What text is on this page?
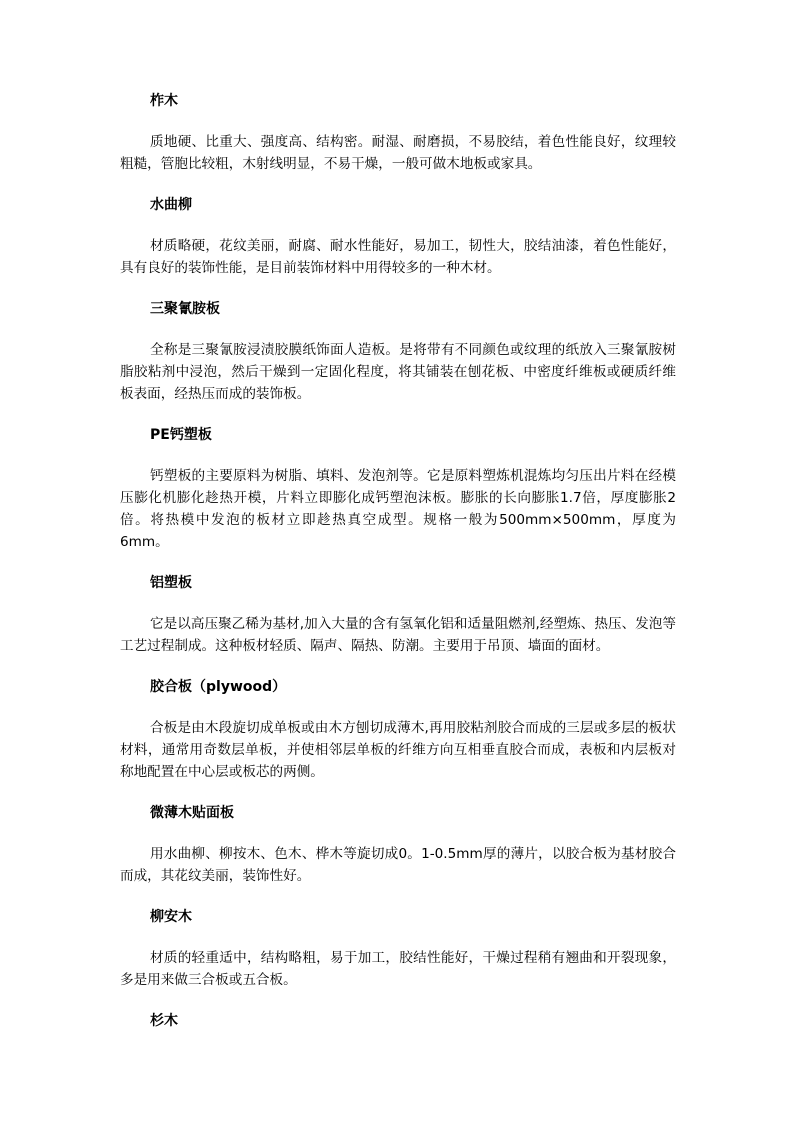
柞木

质地硬、比重大、强度高、结构密。耐湿、耐磨损，不易胶结，着色性能良好，纹理较粗糙，管胞比较粗，木射线明显，不易干燥，一般可做木地板或家具。

水曲柳

材质略硬，花纹美丽，耐腐、耐水性能好，易加工，韧性大，胶结油漆，着色性能好，具有良好的装饰性能，是目前装饰材料中用得较多的一种木材。

三聚氰胺板

全称是三聚氰胺浸渍胶膜纸饰面人造板。是将带有不同颜色或纹理的纸放入三聚氰胺树脂胶粘剂中浸泡，然后干燥到一定固化程度，将其铺装在刨花板、中密度纤维板或硬质纤维板表面，经热压而成的装饰板。

PE钙塑板

钙塑板的主要原料为树脂、填料、发泡剂等。它是原料塑炼机混炼均匀压出片料在经模压膨化机膨化趁热开模，片料立即膨化成钙塑泡沫板。膨胀的长向膨胀1.7倍，厚度膨胀2倍。将热模中发泡的板材立即趁热真空成型。规格一般为500mm×500mm，厚度为6mm。

铝塑板

它是以高压聚乙稀为基材,加入大量的含有氢氧化铝和适量阻燃剂,经塑炼、热压、发泡等工艺过程制成。这种板材轻质、隔声、隔热、防潮。主要用于吊顶、墙面的面材。

胶合板（plywood）

合板是由木段旋切成单板或由木方刨切成薄木,再用胶粘剂胶合而成的三层或多层的板状材料，通常用奇数层单板，并使相邻层单板的纤维方向互相垂直胶合而成，表板和内层板对称地配置在中心层或板芯的两侧。

微薄木贴面板

用水曲柳、柳按木、色木、桦木等旋切成0。1-0.5mm厚的薄片，以胶合板为基材胶合而成，其花纹美丽，装饰性好。

柳安木

材质的轻重适中，结构略粗，易于加工，胶结性能好，干燥过程稍有翘曲和开裂现象，多是用来做三合板或五合板。

杉木
